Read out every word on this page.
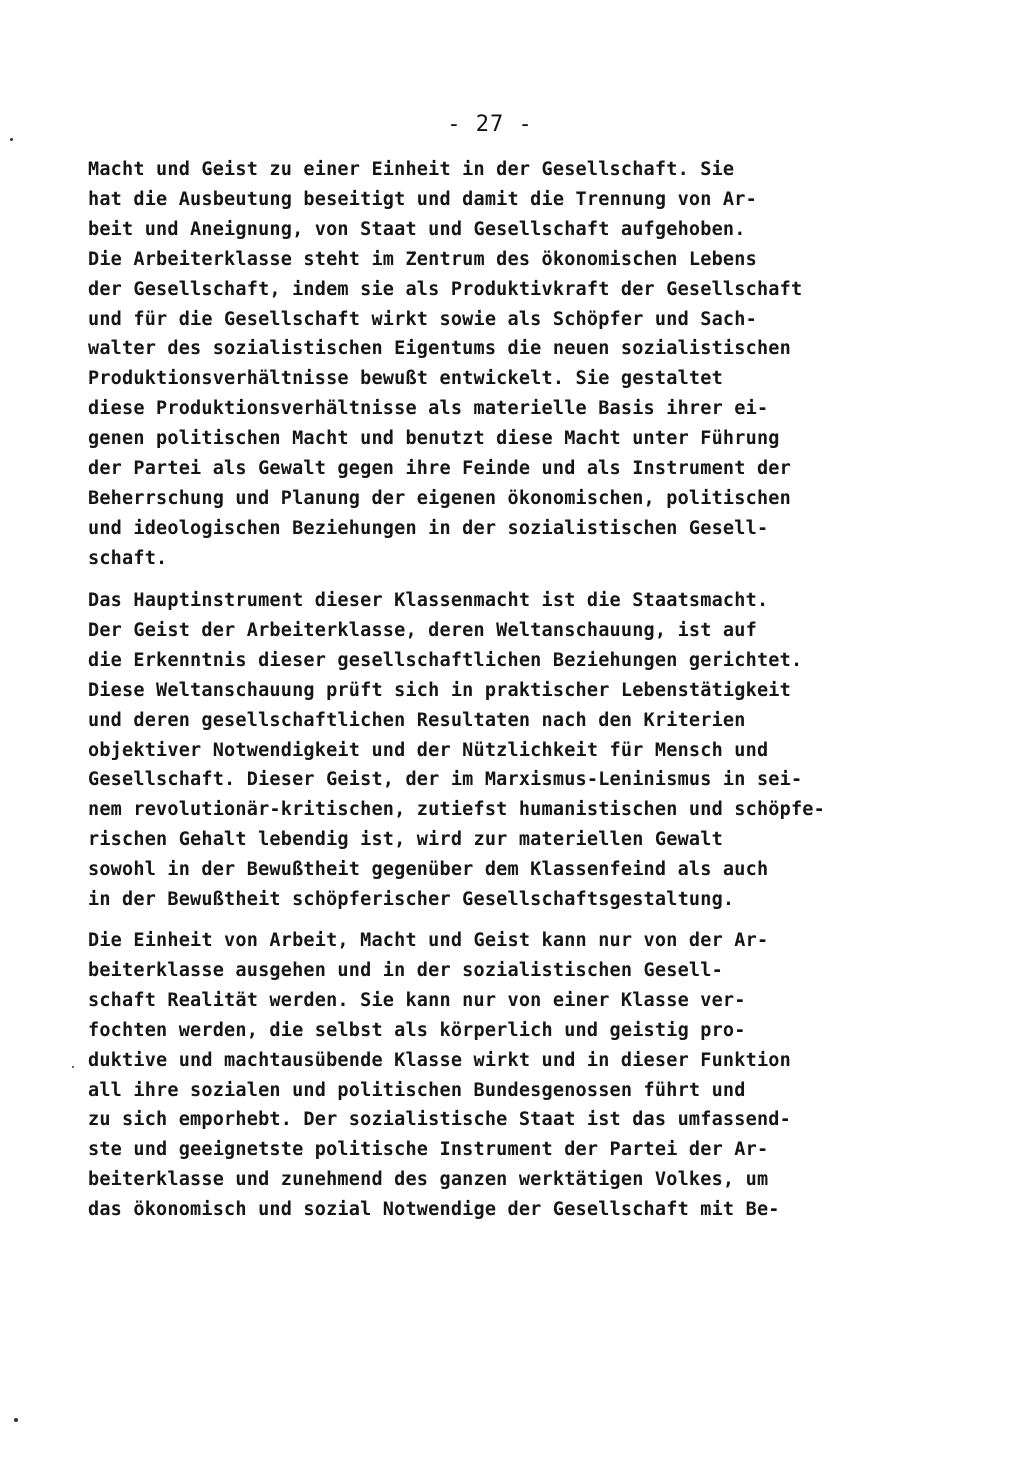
- 27 -
Macht und Geist zu einer Einheit in der Gesellschaft. Sie
hat die Ausbeutung beseitigt und damit die Trennung von Ar-
beit und Aneignung, von Staat und Gesellschaft aufgehoben.
Die Arbeiterklasse steht im Zentrum des ökonomischen Lebens
der Gesellschaft, indem sie als Produktivkraft der Gesellschaft
und für die Gesellschaft wirkt sowie als Schöpfer und Sach-
walter des sozialistischen Eigentums die neuen sozialistischen
Produktionsverhältnisse bewußt entwickelt. Sie gestaltet
diese Produktionsverhältnisse als materielle Basis ihrer ei-
genen politischen Macht und benutzt diese Macht unter Führung
der Partei als Gewalt gegen ihre Feinde und als Instrument der
Beherrschung und Planung der eigenen ökonomischen, politischen
und ideologischen Beziehungen in der sozialistischen Gesell-
schaft.
Das Hauptinstrument dieser Klassenmacht ist die Staatsmacht.
Der Geist der Arbeiterklasse, deren Weltanschauung, ist auf
die Erkenntnis dieser gesellschaftlichen Beziehungen gerichtet.
Diese Weltanschauung prüft sich in praktischer Lebenstätigkeit
und deren gesellschaftlichen Resultaten nach den Kriterien
objektiver Notwendigkeit und der Nützlichkeit für Mensch und
Gesellschaft. Dieser Geist, der im Marxismus-Leninismus in sei-
nem revolutionär-kritischen, zutiefst humanistischen und schöpfe-
rischen Gehalt lebendig ist, wird zur materiellen Gewalt
sowohl in der Bewußtheit gegenüber dem Klassenfeind als auch
in der Bewußtheit schöpferischer Gesellschaftsgestaltung.
Die Einheit von Arbeit, Macht und Geist kann nur von der Ar-
beiterklasse ausgehen und in der sozialistischen Gesell-
schaft Realität werden. Sie kann nur von einer Klasse ver-
fochten werden, die selbst als körperlich und geistig pro-
duktive und machtausübende Klasse wirkt und in dieser Funktion
all ihre sozialen und politischen Bundesgenossen führt und
zu sich emporhebt. Der sozialistische Staat ist das umfassend-
ste und geeignetste politische Instrument der Partei der Ar-
beiterklasse und zunehmend des ganzen werktätigen Volkes, um
das ökonomisch und sozial Notwendige der Gesellschaft mit Be-
